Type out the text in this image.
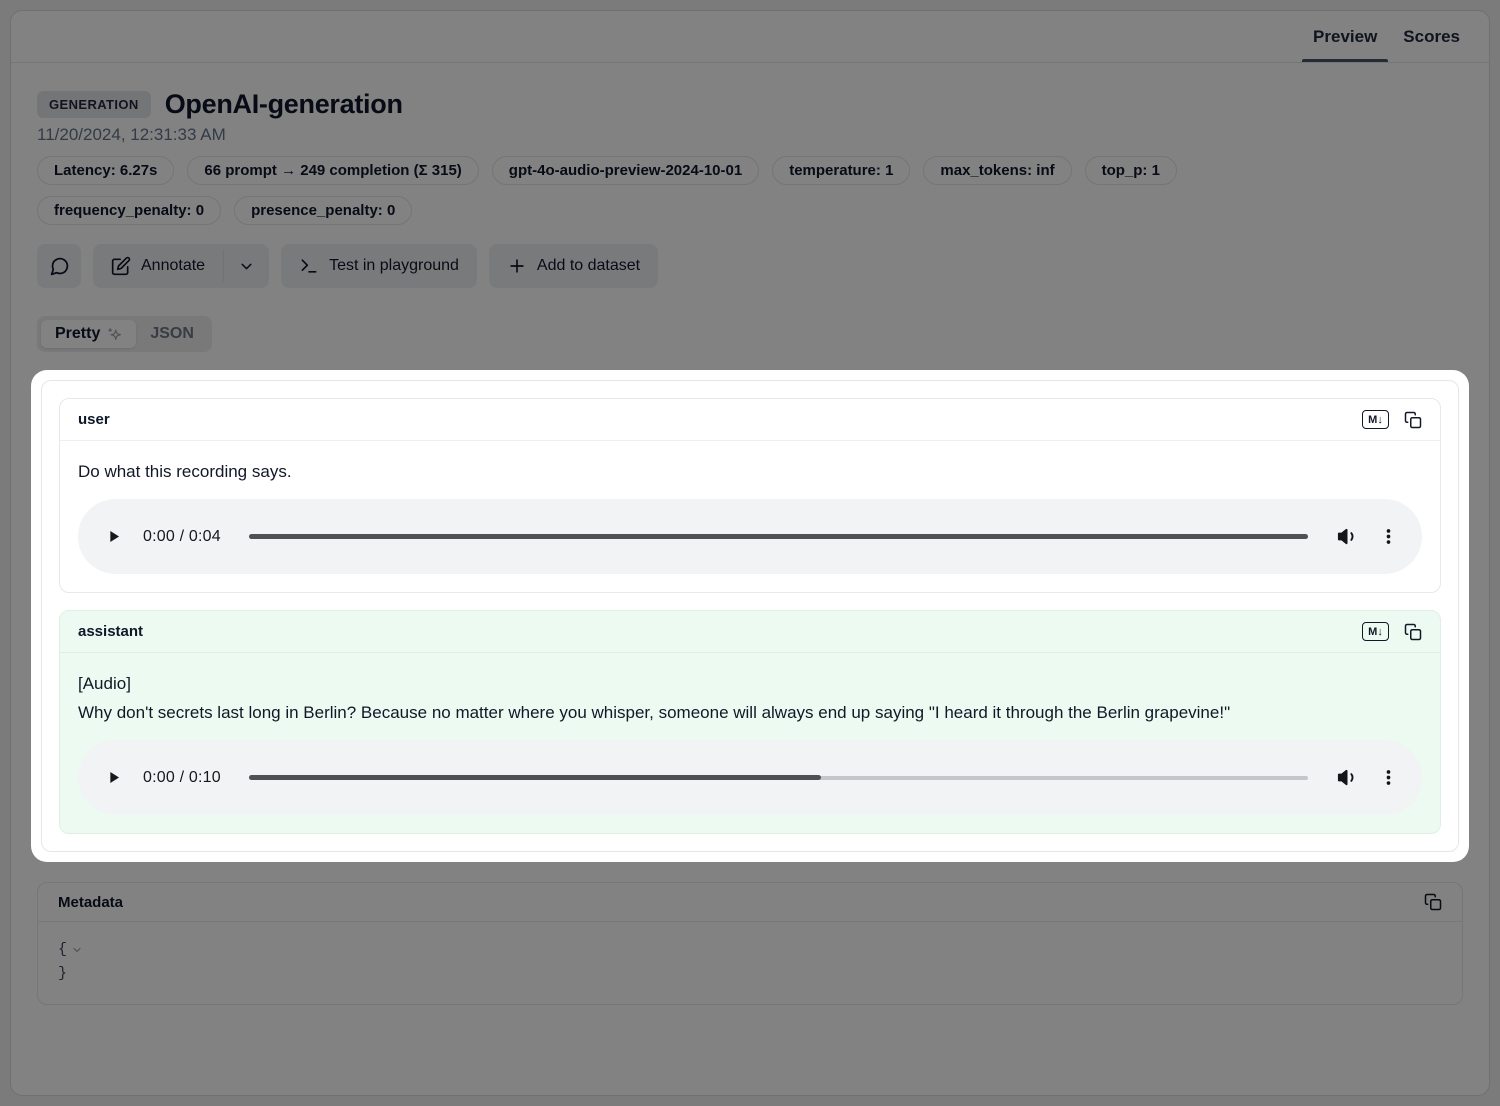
Preview Scores
GENERATION OpenAI-generation
11/20/2024, 12:31:33 AM
Latency: 6.27s	66 prompt → 249 completion (Σ 315)	gpt-4o-audio-preview-2024-10-01	temperature: 1	max_tokens: inf	top_p: 1
frequency_penalty: 0	presence_penalty: 0
Annotate	Test in playground	Add to dataset
Pretty	JSON
user	M↓
Do what this recording says.
0:00 / 0:04
assistant	M↓
[Audio]
Why don't secrets last long in Berlin? Because no matter where you whisper, someone will always end up saying "I heard it through the Berlin grapevine!"
0:00 / 0:10
Metadata
{
}
